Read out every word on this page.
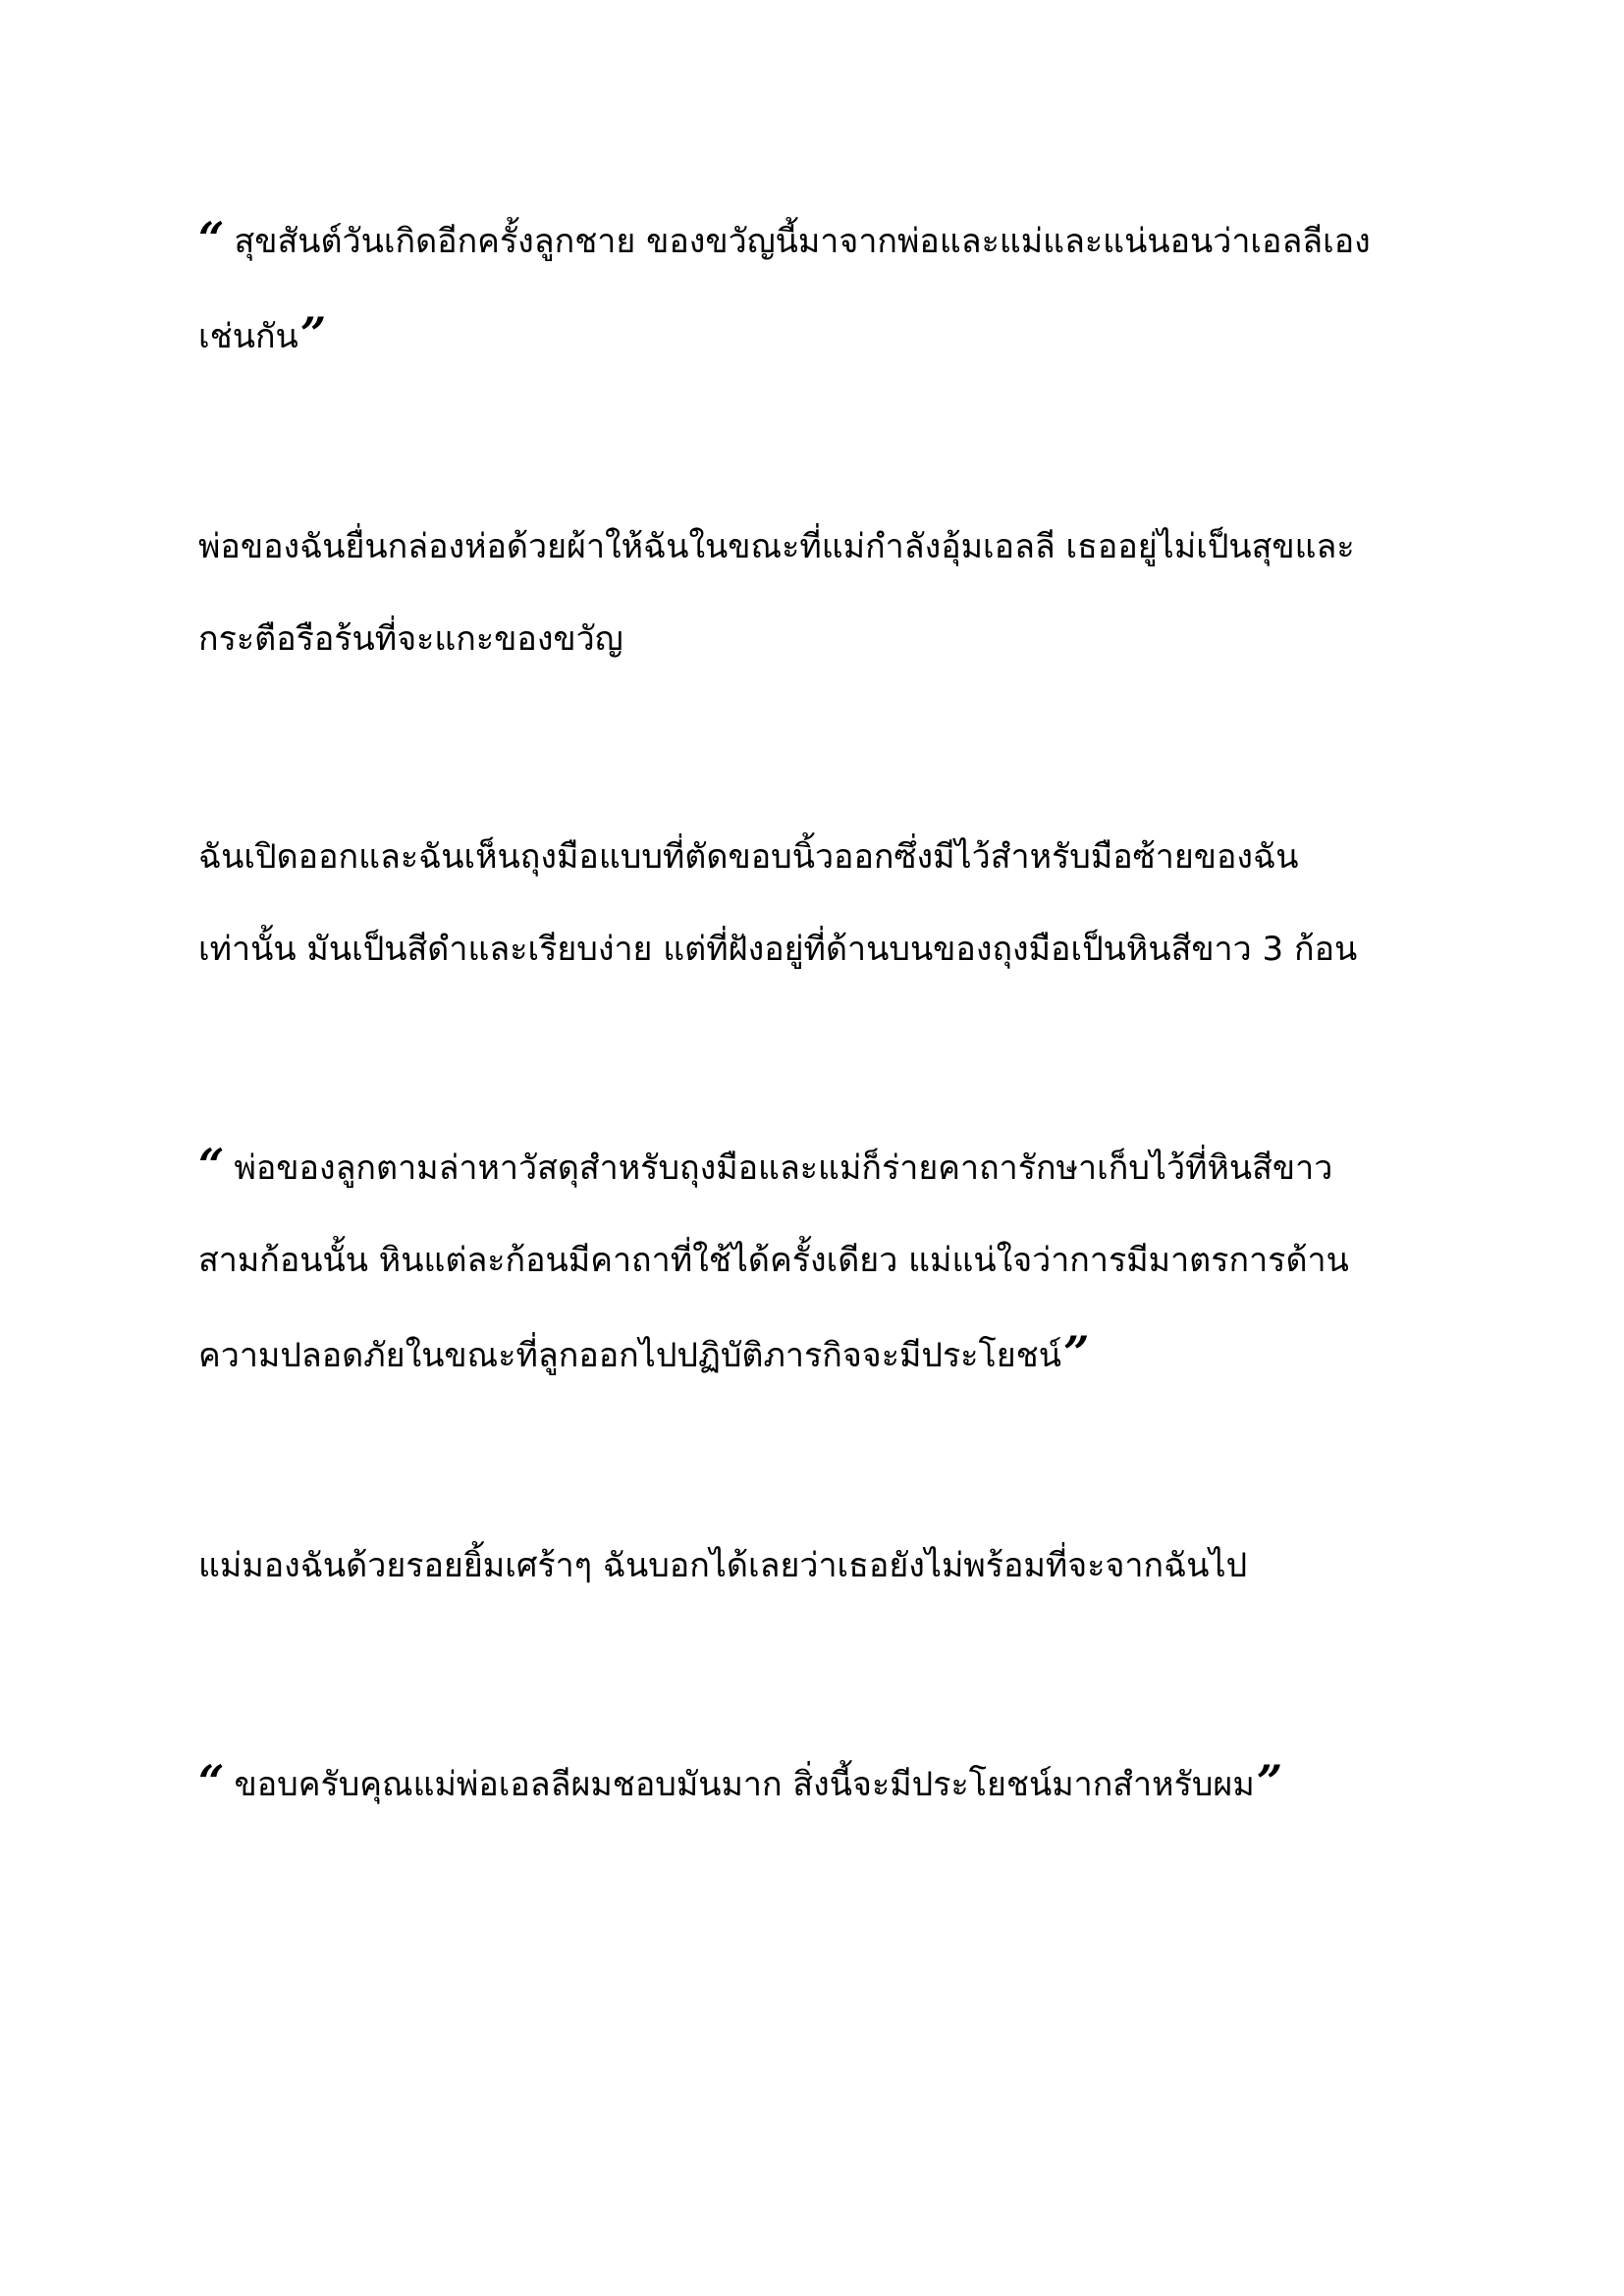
“ สุขสันต์วันเกิดอีกครั้งลูกชาย ของขวัญนี้มาจากพ่อและแม่และแน่นอนว่าเอลลีเอง
เช่นกัน”

พ่อของฉันยื่นกล่องห่อด้วยผ้าให้ฉันในขณะที่แม่กำลังอุ้มเอลลี เธออยู่ไม่เป็นสุขและ
กระตือรือร้นที่จะแกะของขวัญ

ฉันเปิดออกและฉันเห็นถุงมือแบบที่ตัดขอบนิ้วออกซึ่งมีไว้สำหรับมือซ้ายของฉัน
เท่านั้น มันเป็นสีดำและเรียบง่าย แต่ที่ฝังอยู่ที่ด้านบนของถุงมือเป็นหินสีขาว 3 ก้อน

“ พ่อของลูกตามล่าหาวัสดุสำหรับถุงมือและแม่ก็ร่ายคาถารักษาเก็บไว้ที่หินสีขาว
สามก้อนนั้น หินแต่ละก้อนมีคาถาที่ใช้ได้ครั้งเดียว แม่แน่ใจว่าการมีมาตรการด้าน
ความปลอดภัยในขณะที่ลูกออกไปปฏิบัติภารกิจจะมีประโยชน์”

แม่มองฉันด้วยรอยยิ้มเศร้าๆ ฉันบอกได้เลยว่าเธอยังไม่พร้อมที่จะจากฉันไป

“ ขอบครับคุณแม่พ่อเอลลีผมชอบมันมาก สิ่งนี้จะมีประโยชน์มากสำหรับผม”
